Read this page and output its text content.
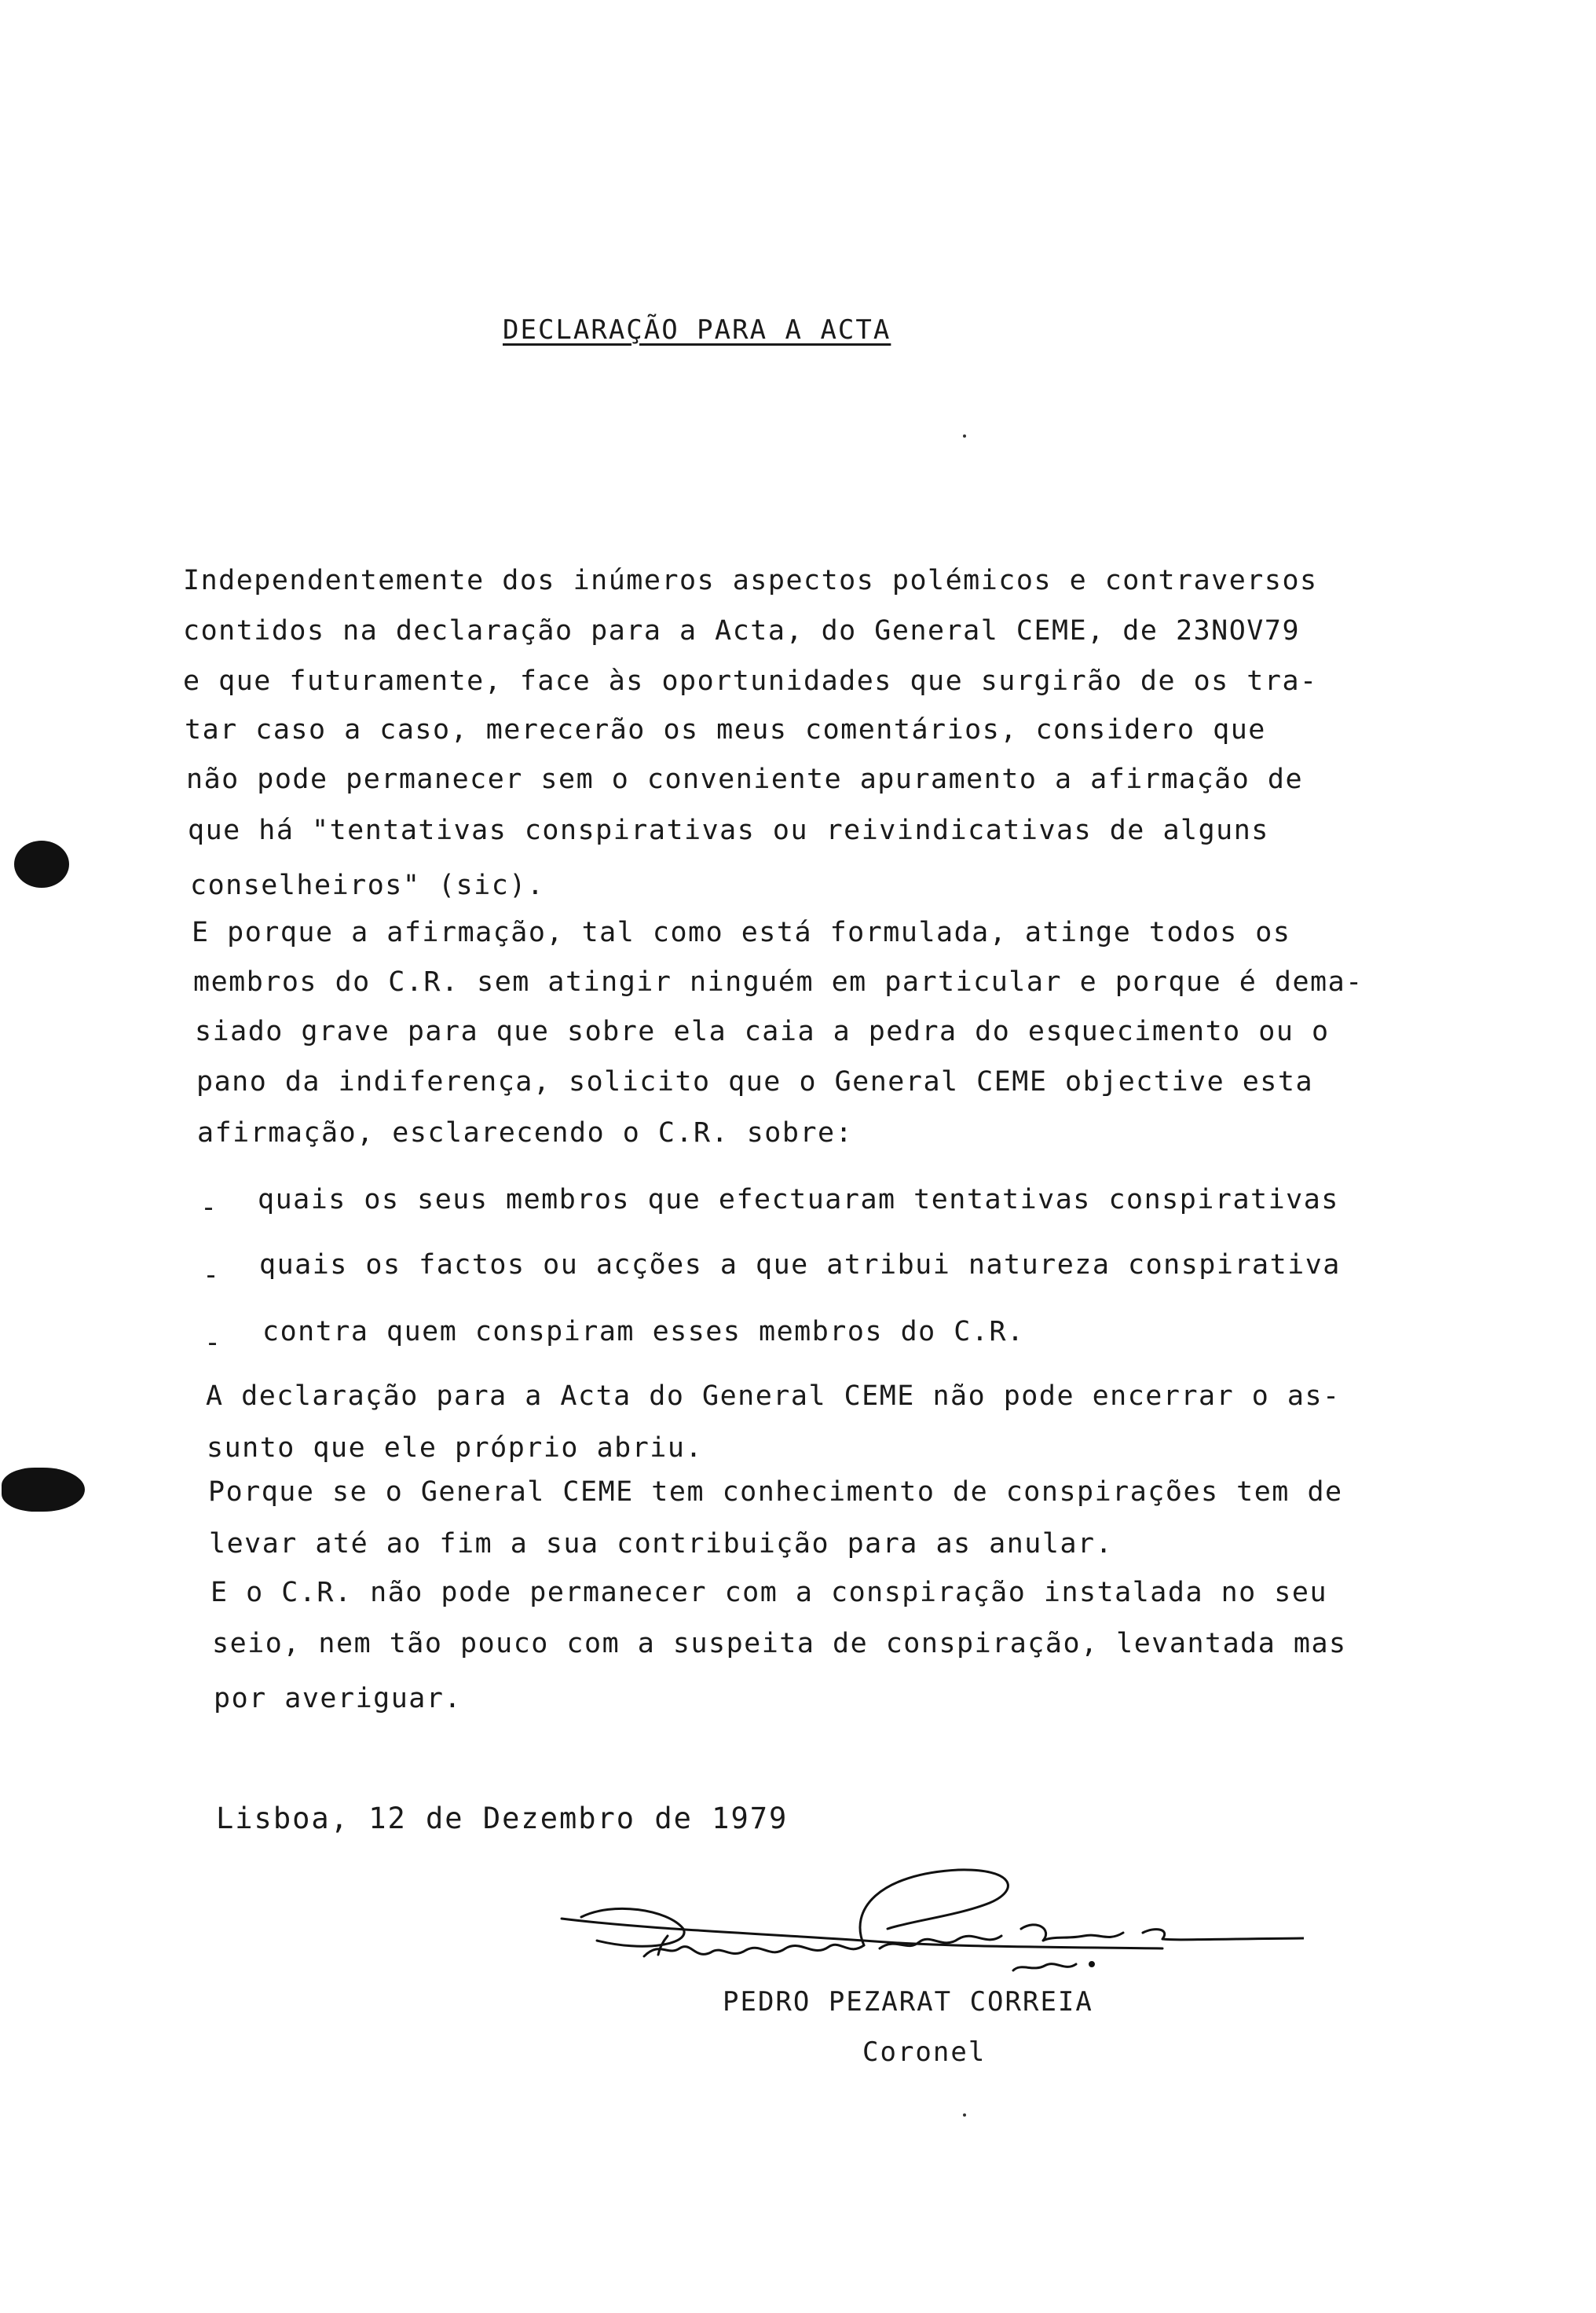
DECLARAÇÃO PARA A ACTA
Independentemente dos inúmeros aspectos polémicos e contraversos
contidos na declaração para a Acta, do General CEME, de 23NOV79
e que futuramente, face às oportunidades que surgirão de os tra-
tar caso a caso, merecerão os meus comentários, considero que
não pode permanecer sem o conveniente apuramento a afirmação de
que há "tentativas conspirativas ou reivindicativas de alguns
conselheiros" (sic).
E porque a afirmação, tal como está formulada, atinge todos os
membros do C.R. sem atingir ninguém em particular e porque é dema-
siado grave para que sobre ela caia a pedra do esquecimento ou o
pano da indiferença, solicito que o General CEME objective esta
afirmação, esclarecendo o C.R. sobre:
- quais os seus membros que efectuaram tentativas conspirativas
- quais os factos ou acções a que atribui natureza conspirativa
- contra quem conspiram esses membros do C.R.
A declaração para a Acta do General CEME não pode encerrar o as-
sunto que ele próprio abriu.
Porque se o General CEME tem conhecimento de conspirações tem de
levar até ao fim a sua contribuição para as anular.
E o C.R. não pode permanecer com a conspiração instalada no seu
seio, nem tão pouco com a suspeita de conspiração, levantada mas
por averiguar.
Lisboa, 12 de Dezembro de 1979
PEDRO PEZARAT CORREIA
Coronel
